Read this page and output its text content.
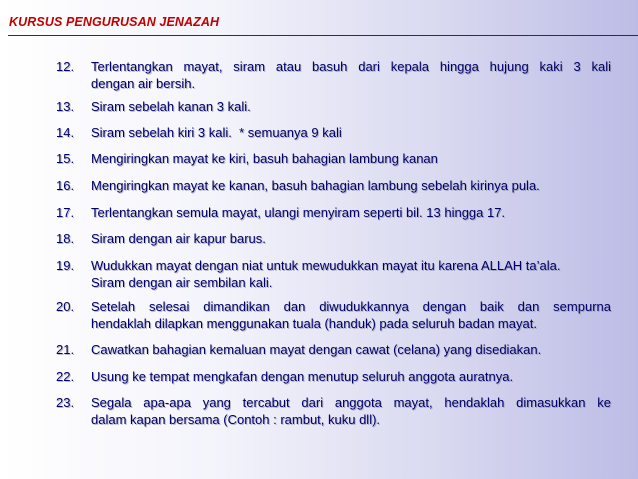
KURSUS PENGURUSAN JENAZAH
12.	Terlentangkan mayat, siram atau basuh dari kepala hingga hujung kaki 3 kali
dengan air bersih.
13.	Siram sebelah kanan 3 kali.
14.	Siram sebelah kiri 3 kali.  * semuanya 9 kali
15.	Mengiringkan mayat ke kiri, basuh bahagian lambung kanan
16.	Mengiringkan mayat ke kanan, basuh bahagian lambung sebelah kirinya pula.
17.	Terlentangkan semula mayat, ulangi menyiram seperti bil. 13 hingga 17.
18.	Siram dengan air kapur barus.
19.	Wudukkan mayat dengan niat untuk mewudukkan mayat itu karena ALLAH ta’ala.
Siram dengan air sembilan kali.
20.	Setelah selesai dimandikan dan diwudukkannya dengan baik dan sempurna
hendaklah dilapkan menggunakan tuala (handuk) pada seluruh badan mayat.
21.	Cawatkan bahagian kemaluan mayat dengan cawat (celana) yang disediakan.
22.	Usung ke tempat mengkafan dengan menutup seluruh anggota auratnya.
23.	Segala apa-apa yang tercabut dari anggota mayat, hendaklah dimasukkan ke
dalam kapan bersama (Contoh : rambut, kuku dll).
